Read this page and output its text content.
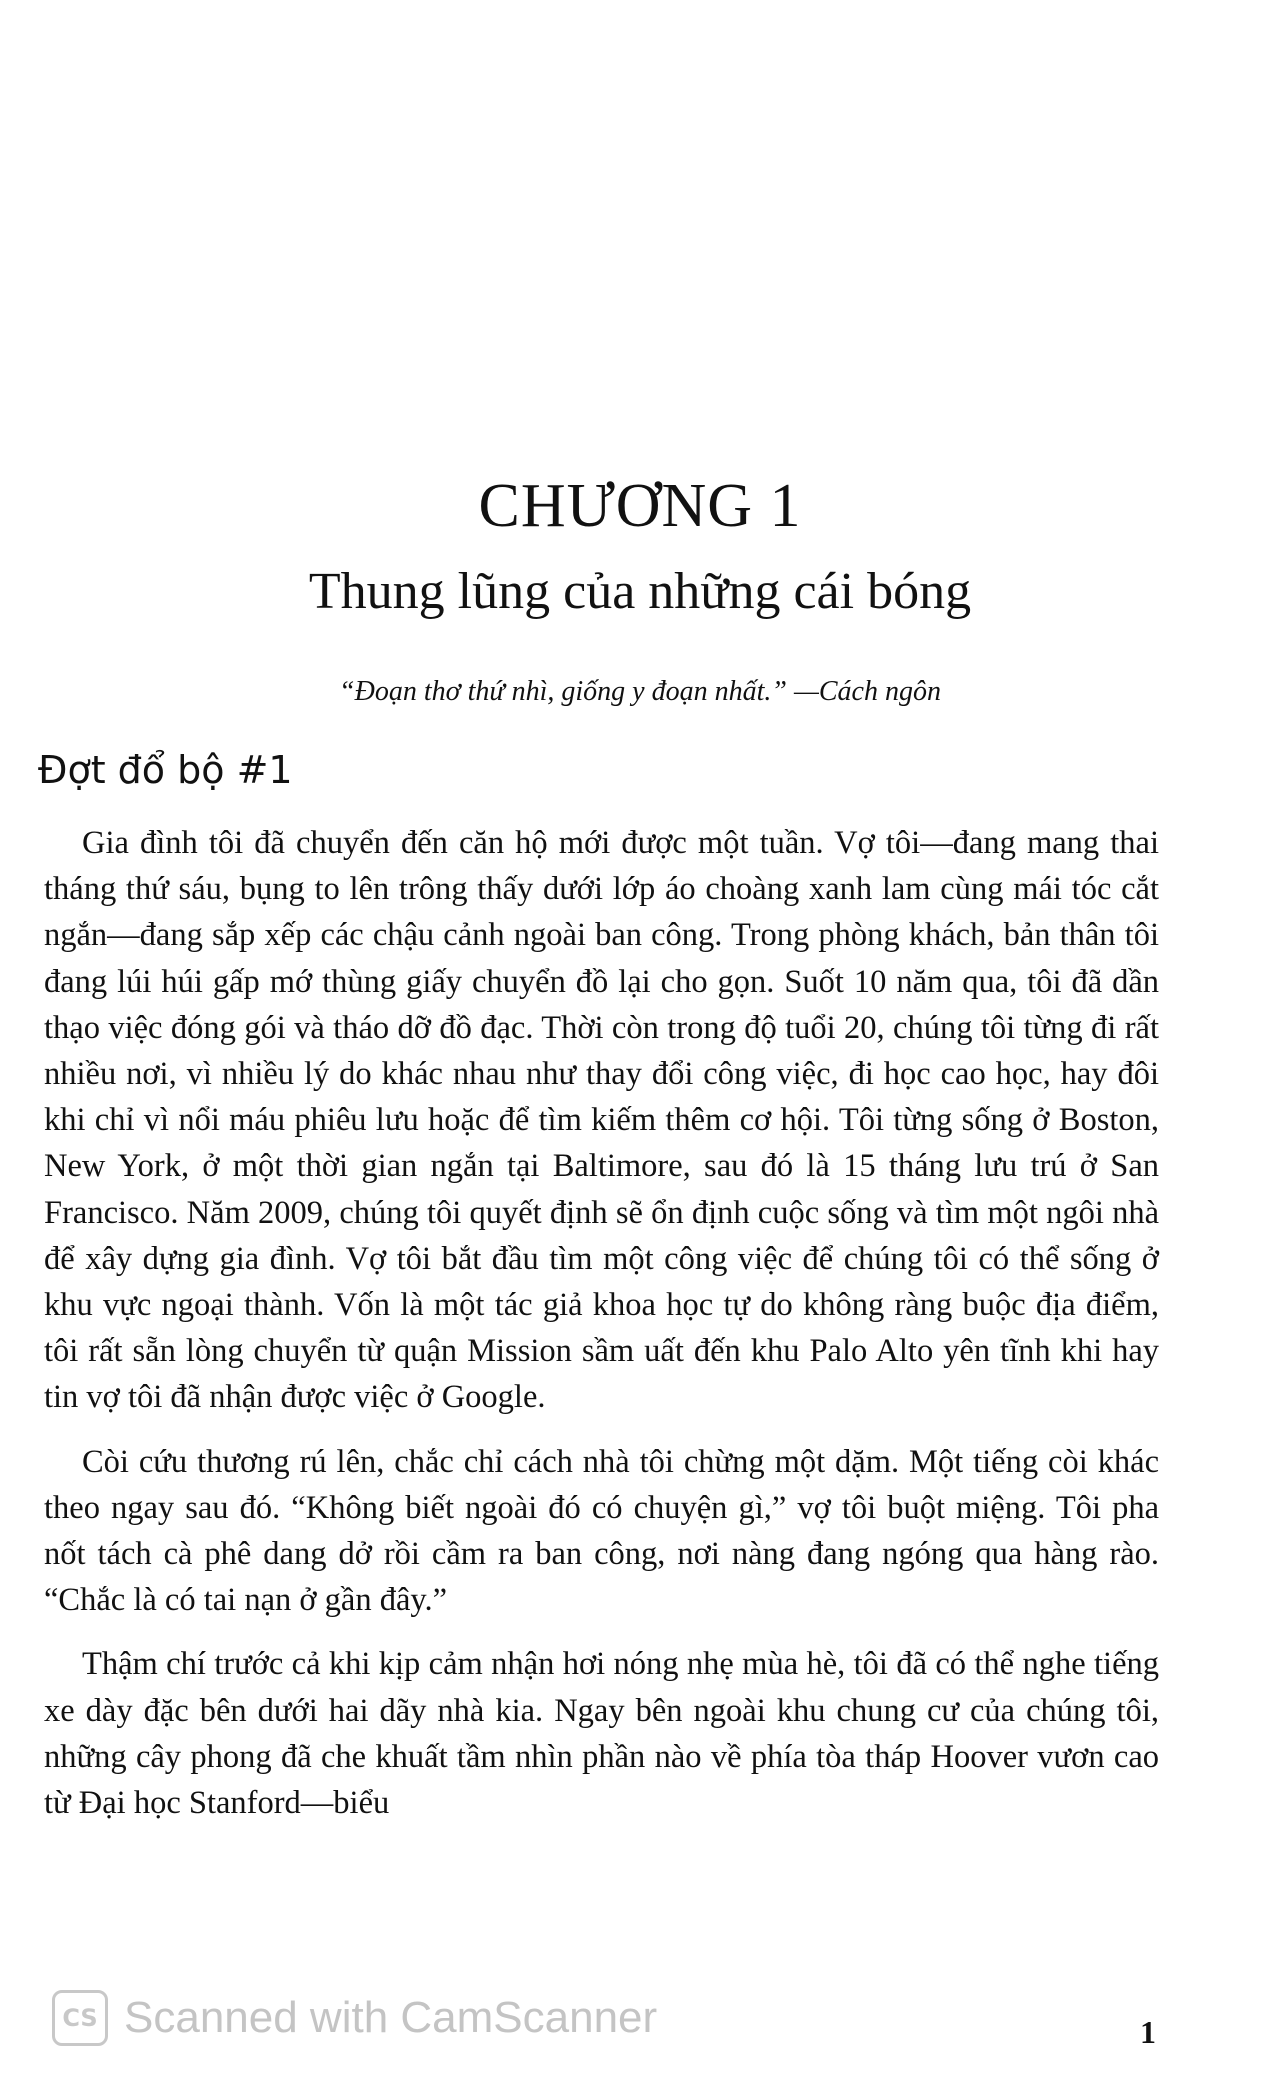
CHƯƠNG 1
Thung lũng của những cái bóng
“Đoạn thơ thứ nhì, giống y đoạn nhất.” —Cách ngôn
Đợt đổ bộ #1

Gia đình tôi đã chuyển đến căn hộ mới được một tuần. Vợ tôi—đang mang thai tháng thứ sáu, bụng to lên trông thấy dưới lớp áo choàng xanh lam cùng mái tóc cắt ngắn—đang sắp xếp các chậu cảnh ngoài ban công. Trong phòng khách, bản thân tôi đang lúi húi gấp mớ thùng giấy chuyển đồ lại cho gọn. Suốt 10 năm qua, tôi đã dần thạo việc đóng gói và tháo dỡ đồ đạc. Thời còn trong độ tuổi 20, chúng tôi từng đi rất nhiều nơi, vì nhiều lý do khác nhau như thay đổi công việc, đi học cao học, hay đôi khi chỉ vì nổi máu phiêu lưu hoặc để tìm kiếm thêm cơ hội. Tôi từng sống ở Boston, New York, ở một thời gian ngắn tại Baltimore, sau đó là 15 tháng lưu trú ở San Francisco. Năm 2009, chúng tôi quyết định sẽ ổn định cuộc sống và tìm một ngôi nhà để xây dựng gia đình. Vợ tôi bắt đầu tìm một công việc để chúng tôi có thể sống ở khu vực ngoại thành. Vốn là một tác giả khoa học tự do không ràng buộc địa điểm, tôi rất sẵn lòng chuyển từ quận Mission sầm uất đến khu Palo Alto yên tĩnh khi hay tin vợ tôi đã nhận được việc ở Google.

Còi cứu thương rú lên, chắc chỉ cách nhà tôi chừng một dặm. Một tiếng còi khác theo ngay sau đó. “Không biết ngoài đó có chuyện gì,” vợ tôi buột miệng. Tôi pha nốt tách cà phê dang dở rồi cầm ra ban công, nơi nàng đang ngóng qua hàng rào. “Chắc là có tai nạn ở gần đây.”

Thậm chí trước cả khi kịp cảm nhận hơi nóng nhẹ mùa hè, tôi đã có thể nghe tiếng xe dày đặc bên dưới hai dãy nhà kia. Ngay bên ngoài khu chung cư của chúng tôi, những cây phong đã che khuất tầm nhìn phần nào về phía tòa tháp Hoover vươn cao từ Đại học Stanford—biểu

CS Scanned with CamScanner	1
